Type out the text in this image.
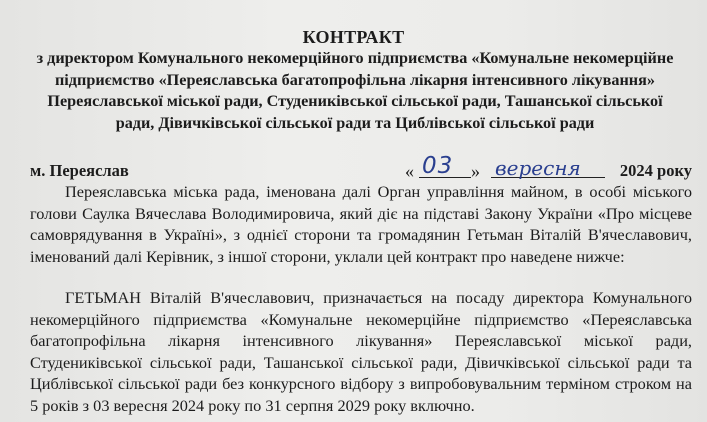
КОНТРАКТ

з директором Комунального некомерційного підприємства «Комунальне некомерційне підприємство «Переяславська багатопрофільна лікарня інтенсивного лікування» Переяславської міської ради, Студениківської сільської ради, Ташанської сільської ради, Дівичківської сільської ради та Циблівської сільської ради

м. Переяслав	« 03 » вересня 2024 року

Переяславська міська рада, іменована далі Орган управління майном, в особі міського голови Саулка Вячеслава Володимировича, який діє на підставі Закону України «Про місцеве самоврядування в Україні», з однієї сторони та громадянин Гетьман Віталій В'ячеславович, іменований далі Керівник, з іншої сторони, уклали цей контракт про наведене нижче:

ГЕТЬМАН Віталій В'ячеславович, призначається на посаду директора Комунального некомерційного підприємства «Комунальне некомерційне підприємство «Переяславська багатопрофільна лікарня інтенсивного лікування» Переяславської міської ради, Студениківської сільської ради, Ташанської сільської ради, Дівичківської сільської ради та Циблівської сільської ради без конкурсного відбору з випробовувальним терміном строком на 5 років з 03 вересня 2024 року по 31 серпня 2029 року включно.
